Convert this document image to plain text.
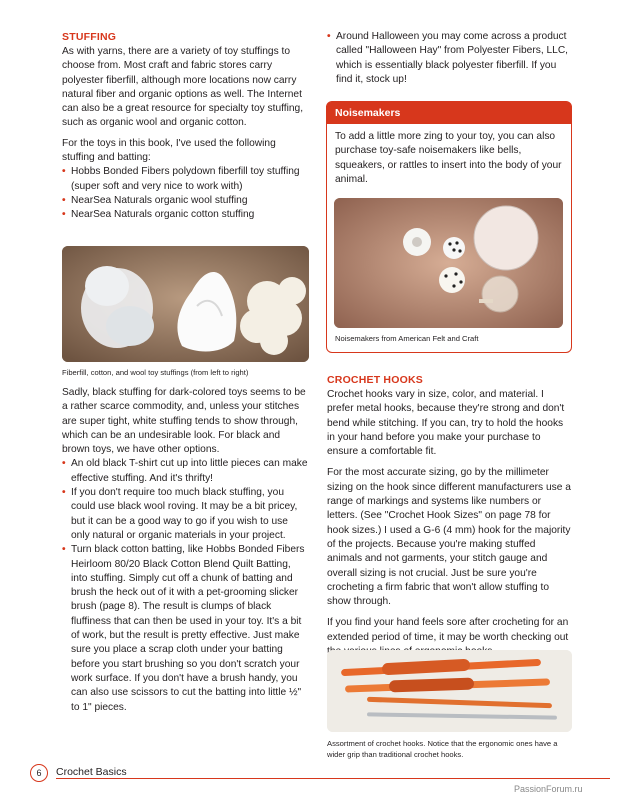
STUFFING

As with yarns, there are a variety of toy stuffings to choose from. Most craft and fabric stores carry polyester fiberfill, although more locations now carry natural fiber and organic options as well. The Internet can also be a great resource for specialty toy stuffing, such as organic wool and organic cotton.

For the toys in this book, I've used the following stuffing and batting:

• Hobbs Bonded Fibers polydown fiberfill toy stuffing (super soft and very nice to work with)
• NearSea Naturals organic wool stuffing
• NearSea Naturals organic cotton stuffing
Fiberfill, cotton, and wool toy stuffings (from left to right)

Sadly, black stuffing for dark-colored toys seems to be a rather scarce commodity, and, unless your stitches are super tight, white stuffing tends to show through, which can be an undesirable look. For black and brown toys, we have other options.

• An old black T-shirt cut up into little pieces can make effective stuffing. And it's thrifty!
• If you don't require too much black stuffing, you could use black wool roving. It may be a bit pricey, but it can be a good way to go if you wish to use only natural or organic materials in your project.
• Turn black cotton batting, like Hobbs Bonded Fibers Heirloom 80/20 Black Cotton Blend Quilt Batting, into stuffing. Simply cut off a chunk of batting and brush the heck out of it with a pet-grooming slicker brush (page 8). The result is clumps of black fluffiness that can then be used in your toy. It's a bit of work, but the result is pretty effective. Just make sure you place a scrap cloth under your batting before you start brushing so you don't scratch your work surface. If you don't have a brush handy, you can also use scissors to cut the batting into little ½" to 1" pieces.
• Around Halloween you may come across a product called "Halloween Hay" from Polyester Fibers, LLC, which is essentially black polyester fiberfill. If you find it, stock up!
Noisemakers

To add a little more zing to your toy, you can also purchase toy-safe noisemakers like bells, squeakers, or rattles to insert into the body of your animal.

Noisemakers from American Felt and Craft
CROCHET HOOKS

Crochet hooks vary in size, color, and material. I prefer metal hooks, because they're strong and don't bend while stitching. If you can, try to hold the hooks in your hand before you make your purchase to ensure a comfortable fit.

For the most accurate sizing, go by the millimeter sizing on the hook since different manufacturers use a range of markings and systems like numbers or letters. (See "Crochet Hook Sizes" on page 78 for hook sizes.) I used a G-6 (4 mm) hook for the majority of the projects. Because you're making stuffed animals and not garments, your stitch gauge and overall sizing is not crucial. Just be sure you're crocheting a firm fabric that won't allow stuffing to show through.

If you find your hand feels sore after crocheting for an extended period of time, it may be worth checking out

Assortment of crochet hooks. Notice that the ergonomic ones have a wider grip than traditional crochet hooks.
6	Crochet Basics
PassionForum.ru
